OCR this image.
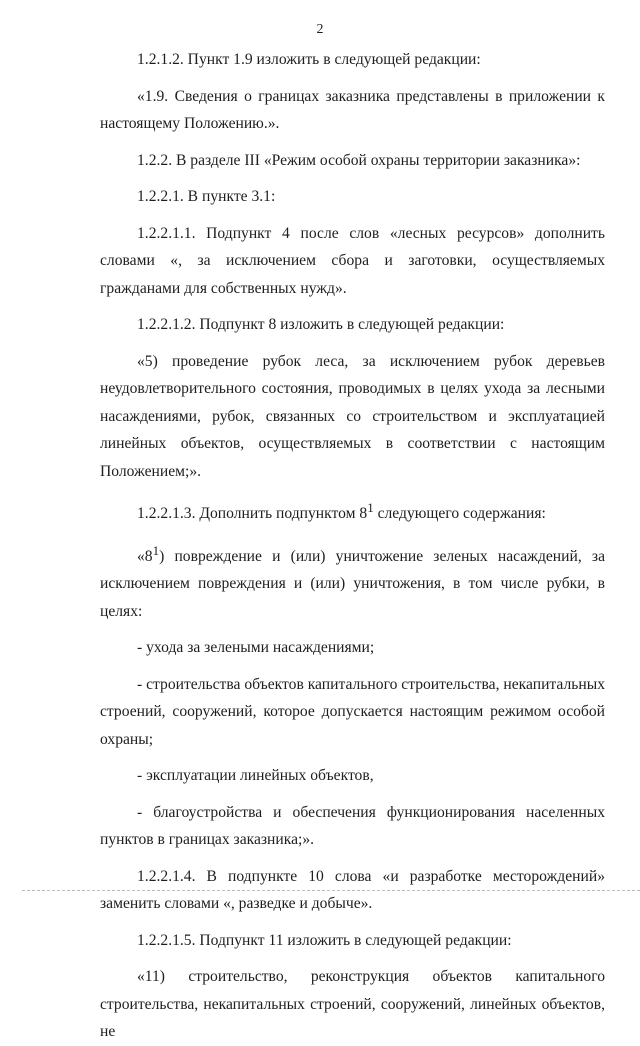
2

1.2.1.2. Пункт 1.9 изложить в следующей редакции:

«1.9. Сведения о границах заказника представлены в приложении к настоящему Положению.».

1.2.2. В разделе III «Режим особой охраны территории заказника»:

1.2.2.1. В пункте 3.1:

1.2.2.1.1. Подпункт 4 после слов «лесных ресурсов» дополнить словами «, за исключением сбора и заготовки, осуществляемых гражданами для собственных нужд».

1.2.2.1.2. Подпункт 8 изложить в следующей редакции:

«5) проведение рубок леса, за исключением рубок деревьев неудовлетворительного состояния, проводимых в целях ухода за лесными насаждениями, рубок, связанных со строительством и эксплуатацией линейных объектов, осуществляемых в соответствии с настоящим Положением;».

1.2.2.1.3. Дополнить подпунктом $8^1$ следующего содержания:

«$8^1$) повреждение и (или) уничтожение зеленых насаждений, за исключением повреждения и (или) уничтожения, в том числе рубки, в целях:

- ухода за зелеными насаждениями;

- строительства объектов капитального строительства, некапитальных строений, сооружений, которое допускается настоящим режимом особой охраны;

- эксплуатации линейных объектов,

- благоустройства и обеспечения функционирования населенных пунктов в границах заказника;».

1.2.2.1.4. В подпункте 10 слова «и разработке месторождений» заменить словами «, разведке и добыче».

1.2.2.1.5. Подпункт 11 изложить в следующей редакции:

«11) строительство, реконструкция объектов капитального строительства, некапитальных строений, сооружений, линейных объектов, не
